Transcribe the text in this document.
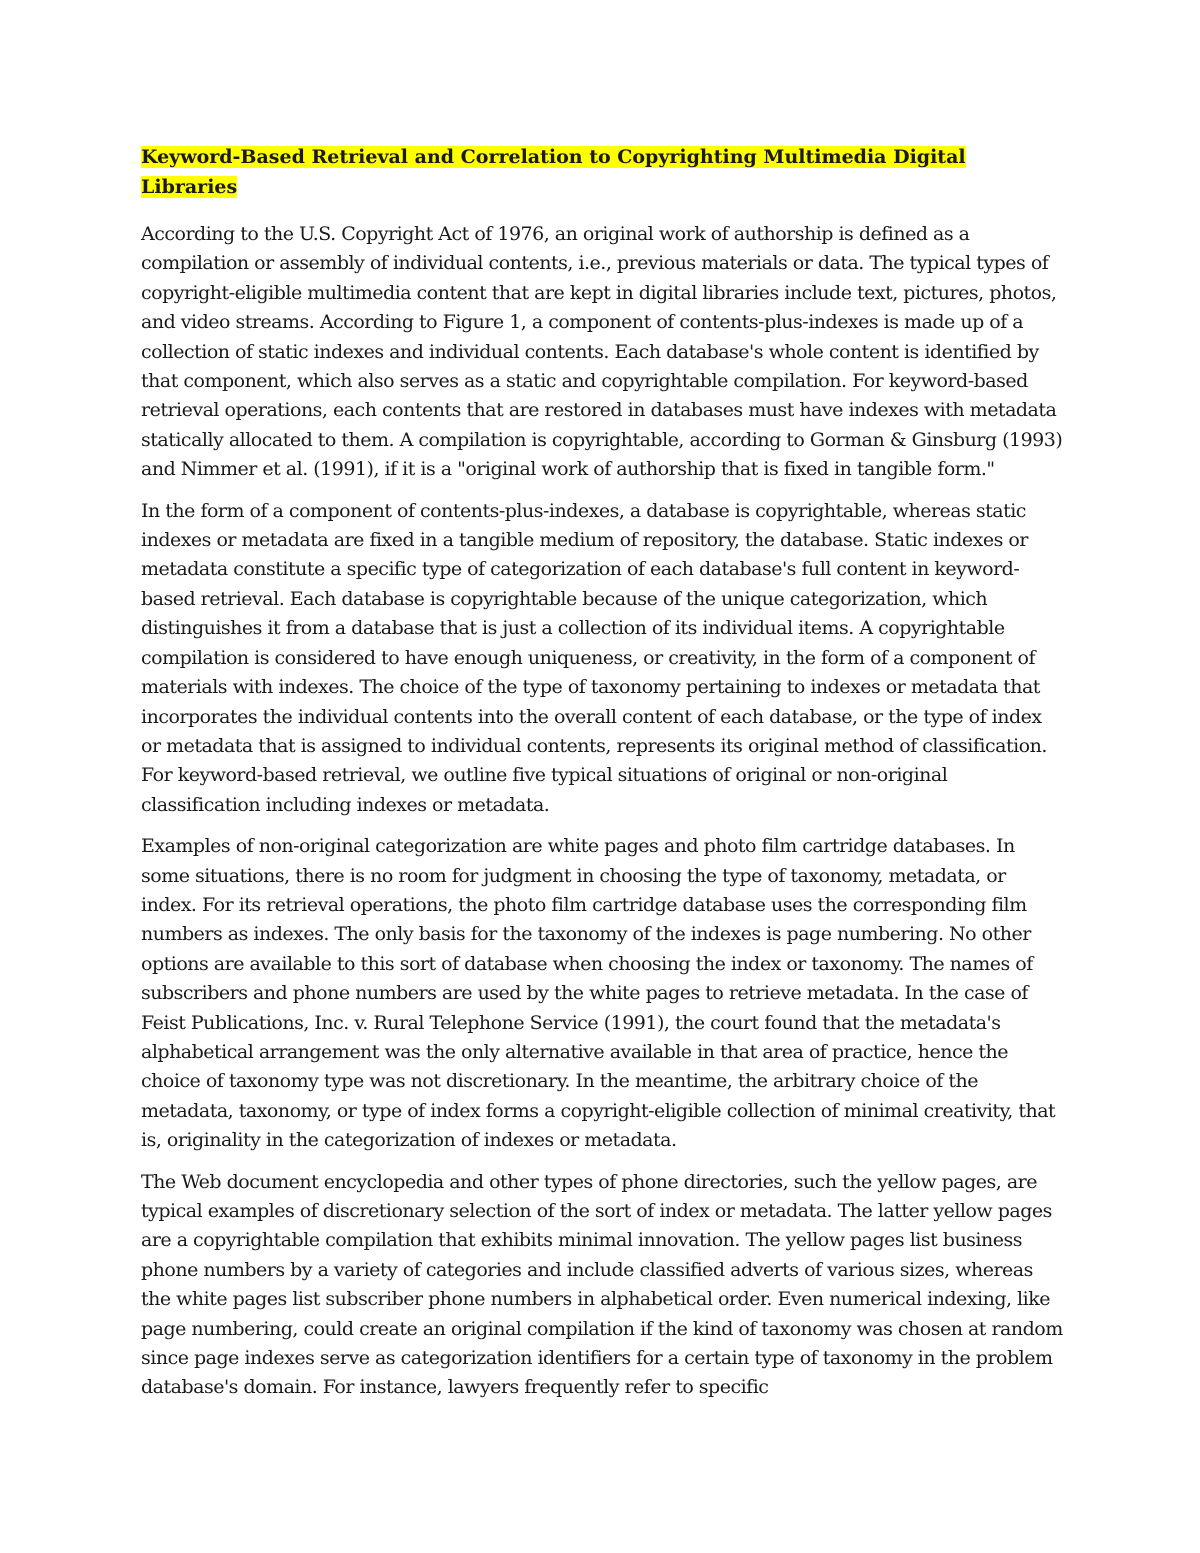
Keyword-Based Retrieval and Correlation to Copyrighting Multimedia Digital Libraries

According to the U.S. Copyright Act of 1976, an original work of authorship is defined as a compilation or assembly of individual contents, i.e., previous materials or data. The typical types of copyright-eligible multimedia content that are kept in digital libraries include text, pictures, photos, and video streams. According to Figure 1, a component of contents-plus-indexes is made up of a collection of static indexes and individual contents. Each database's whole content is identified by that component, which also serves as a static and copyrightable compilation. For keyword-based retrieval operations, each contents that are restored in databases must have indexes with metadata statically allocated to them. A compilation is copyrightable, according to Gorman & Ginsburg (1993) and Nimmer et al. (1991), if it is a "original work of authorship that is fixed in tangible form."

In the form of a component of contents-plus-indexes, a database is copyrightable, whereas static indexes or metadata are fixed in a tangible medium of repository, the database. Static indexes or metadata constitute a specific type of categorization of each database's full content in keyword-based retrieval. Each database is copyrightable because of the unique categorization, which distinguishes it from a database that is just a collection of its individual items. A copyrightable compilation is considered to have enough uniqueness, or creativity, in the form of a component of materials with indexes. The choice of the type of taxonomy pertaining to indexes or metadata that incorporates the individual contents into the overall content of each database, or the type of index or metadata that is assigned to individual contents, represents its original method of classification. For keyword-based retrieval, we outline five typical situations of original or non-original classification including indexes or metadata.

Examples of non-original categorization are white pages and photo film cartridge databases. In some situations, there is no room for judgment in choosing the type of taxonomy, metadata, or index. For its retrieval operations, the photo film cartridge database uses the corresponding film numbers as indexes. The only basis for the taxonomy of the indexes is page numbering. No other options are available to this sort of database when choosing the index or taxonomy. The names of subscribers and phone numbers are used by the white pages to retrieve metadata. In the case of Feist Publications, Inc. v. Rural Telephone Service (1991), the court found that the metadata's alphabetical arrangement was the only alternative available in that area of practice, hence the choice of taxonomy type was not discretionary. In the meantime, the arbitrary choice of the metadata, taxonomy, or type of index forms a copyright-eligible collection of minimal creativity, that is, originality in the categorization of indexes or metadata.

The Web document encyclopedia and other types of phone directories, such the yellow pages, are typical examples of discretionary selection of the sort of index or metadata. The latter yellow pages are a copyrightable compilation that exhibits minimal innovation. The yellow pages list business phone numbers by a variety of categories and include classified adverts of various sizes, whereas the white pages list subscriber phone numbers in alphabetical order. Even numerical indexing, like page numbering, could create an original compilation if the kind of taxonomy was chosen at random since page indexes serve as categorization identifiers for a certain type of taxonomy in the problem database's domain. For instance, lawyers frequently refer to specific
